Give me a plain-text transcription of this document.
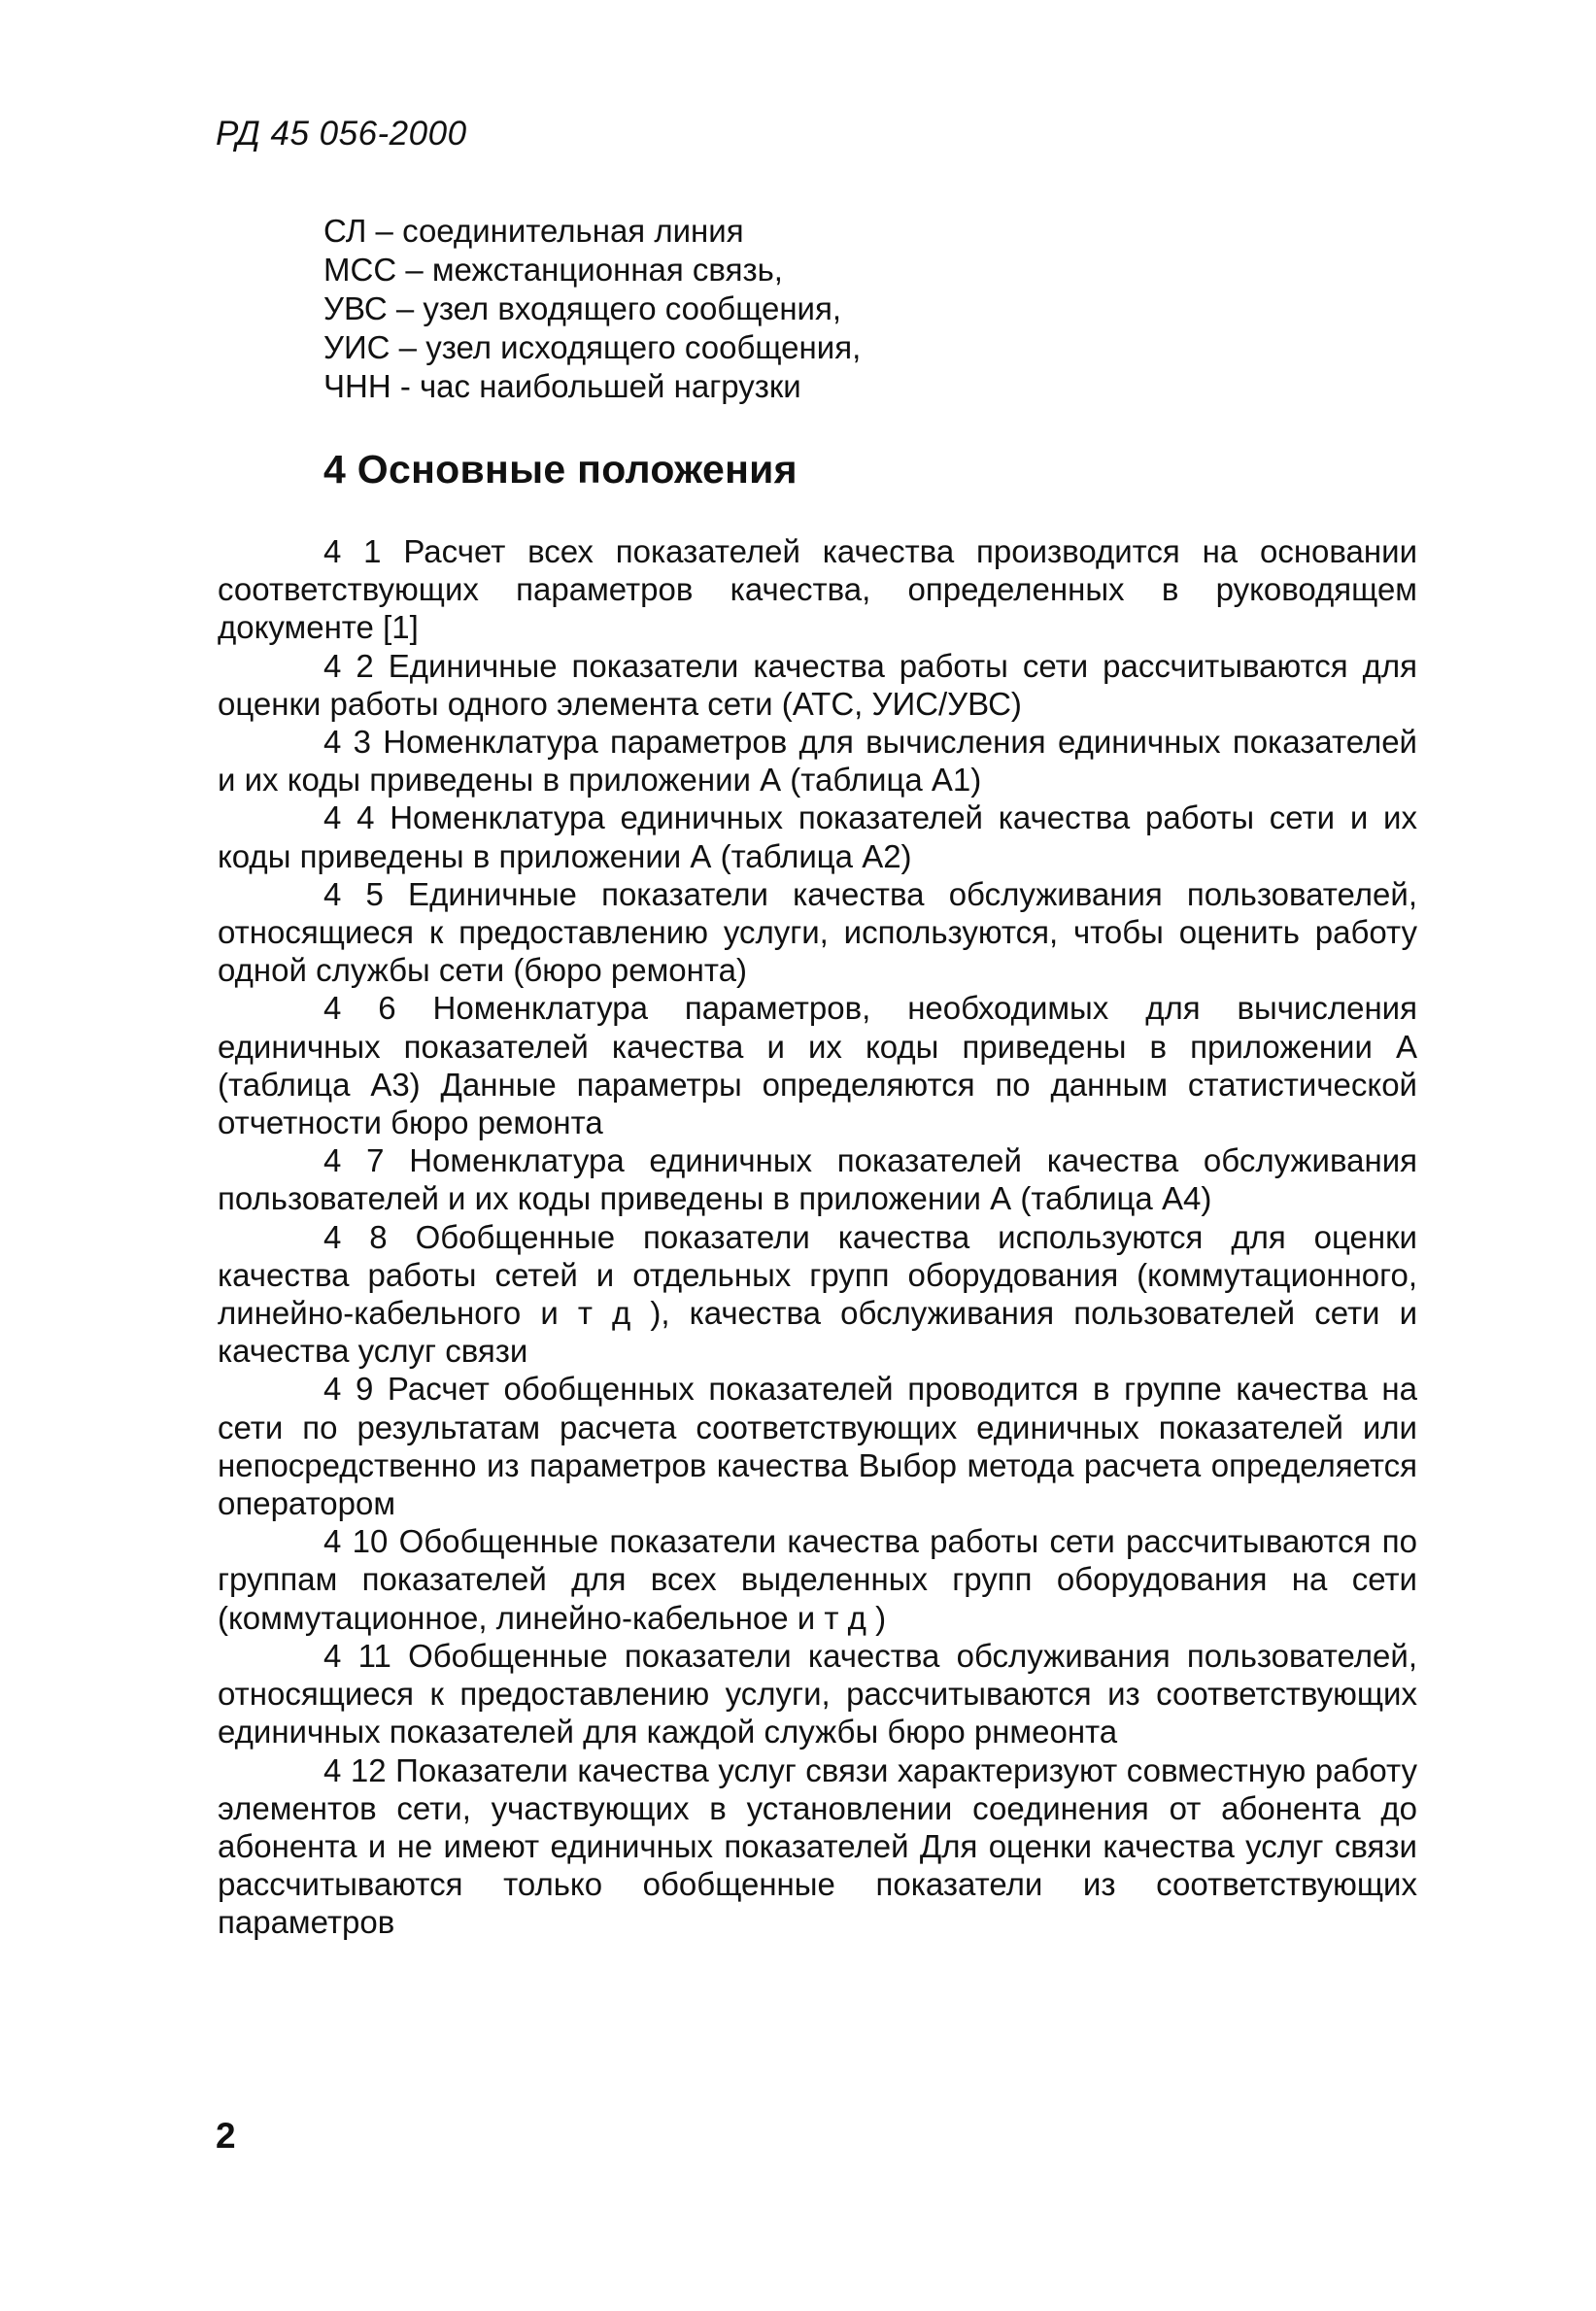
РД 45 056-2000
СЛ – соединительная линия
МСС – межстанционная связь,
УВС – узел входящего сообщения,
УИС – узел исходящего сообщения,
ЧНН - час наибольшей нагрузки
4 Основные положения

4 1 Расчет всех показателей качества производится на основании соответствующих параметров качества, определенных в руководящем документе [1]

4 2 Единичные показатели качества работы сети рассчитываются для оценки работы одного элемента сети (АТС, УИС/УВС)

4 3 Номенклатура параметров для вычисления единичных показателей и их коды приведены в приложении А (таблица А1)

4 4 Номенклатура единичных показателей качества работы сети и их коды приведены в приложении А (таблица А2)

4 5 Единичные показатели качества обслуживания пользователей, относящиеся к предоставлению услуги, используются, чтобы оценить работу одной службы сети (бюро ремонта)

4 6 Номенклатура параметров, необходимых для вычисления единичных показателей качества и их коды приведены в приложении А (таблица А3) Данные параметры определяются по данным статистической отчетности бюро ремонта

4 7 Номенклатура единичных показателей качества обслуживания пользователей и их коды приведены в приложении А (таблица А4)

4 8 Обобщенные показатели качества используются для оценки качества работы сетей и отдельных групп оборудования (коммутационного, линейно-кабельного и т д ), качества обслуживания пользователей сети и качества услуг связи

4 9 Расчет обобщенных показателей проводится в группе качества на сети по результатам расчета соответствующих единичных показателей или непосредственно из параметров качества Выбор метода расчета определяется оператором

4 10 Обобщенные показатели качества работы сети рассчитываются по группам показателей для всех выделенных групп оборудования на сети (коммутационное, линейно-кабельное и т д )

4 11 Обобщенные показатели качества обслуживания пользователей, относящиеся к предоставлению услуги, рассчитываются из соответствующих единичных показателей для каждой службы бюро рнмеонта

4 12 Показатели качества услуг связи характеризуют совместную работу элементов сети, участвующих в установлении соединения от абонента до абонента и не имеют единичных показателей Для оценки качества услуг связи рассчитываются только обобщенные показатели из соответствующих параметров

2
